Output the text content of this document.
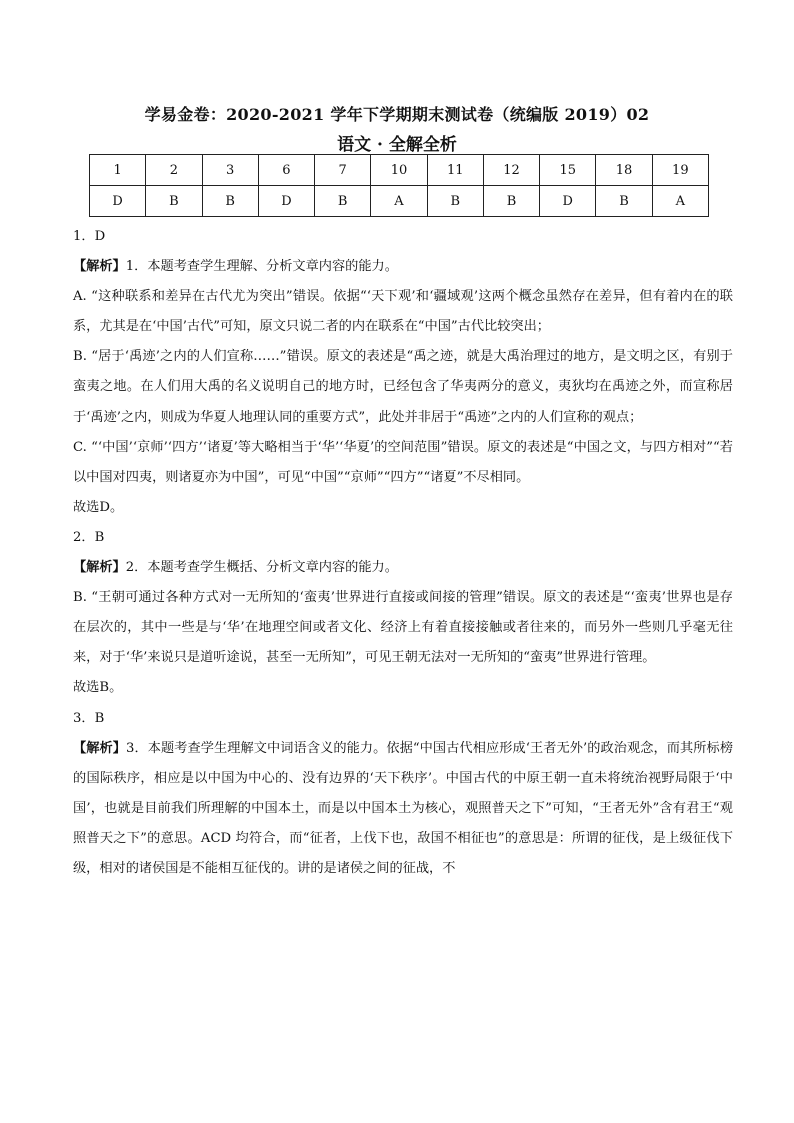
学易金卷：2020-2021 学年下学期期末测试卷（统编版 2019）02
语文 · 全解全析
1	2	3	6	7	10	11	12	15	18	19
D	B	B	D	B	A	B	B	D	B	A

1．D

【解析】1．本题考查学生理解、分析文章内容的能力。

A. “这种联系和差异在古代尤为突出”错误。依据“‘天下观’和‘疆域观’这两个概念虽然存在差异，但有着内在的联系，尤其是在‘中国’古代”可知，原文只说二者的内在联系在“中国”古代比较突出；

B. “居于‘禹迹’之内的人们宣称……”错误。原文的表述是“禹之迹，就是大禹治理过的地方，是文明之区，有别于蛮夷之地。在人们用大禹的名义说明自己的地方时，已经包含了华夷两分的意义，夷狄均在禹迹之外，而宣称居于‘禹迹’之内，则成为华夏人地理认同的重要方式”，此处并非居于“禹迹”之内的人们宣称的观点；

C. “‘中国’‘京师’‘四方’‘诸夏’等大略相当于‘华’‘华夏’的空间范围”错误。原文的表述是“中国之文，与四方相对”“若以中国对四夷，则诸夏亦为中国”，可见“中国”“京师”“四方”“诸夏”不尽相同。

故选D。

2．B

【解析】2．本题考查学生概括、分析文章内容的能力。

B. “王朝可通过各种方式对一无所知的‘蛮夷’世界进行直接或间接的管理”错误。原文的表述是“‘蛮夷’世界也是存在层次的，其中一些是与‘华’在地理空间或者文化、经济上有着直接接触或者往来的，而另外一些则几乎毫无往来，对于‘华’来说只是道听途说，甚至一无所知”，可见王朝无法对一无所知的“蛮夷”世界进行管理。

故选B。

3．B

【解析】3．本题考查学生理解文中词语含义的能力。依据“中国古代相应形成‘王者无外’的政治观念，而其所标榜的国际秩序，相应是以中国为中心的、没有边界的‘天下秩序’。中国古代的中原王朝一直未将统治视野局限于‘中国’，也就是目前我们所理解的中国本土，而是以中国本土为核心，观照普天之下”可知，“王者无外”含有君王“观照普天之下”的意思。ACD 均符合，而“征者，上伐下也，敌国不相征也”的意思是：所谓的征伐，是上级征伐下级，相对的诸侯国是不能相互征伐的。讲的是诸侯之间的征战，不
